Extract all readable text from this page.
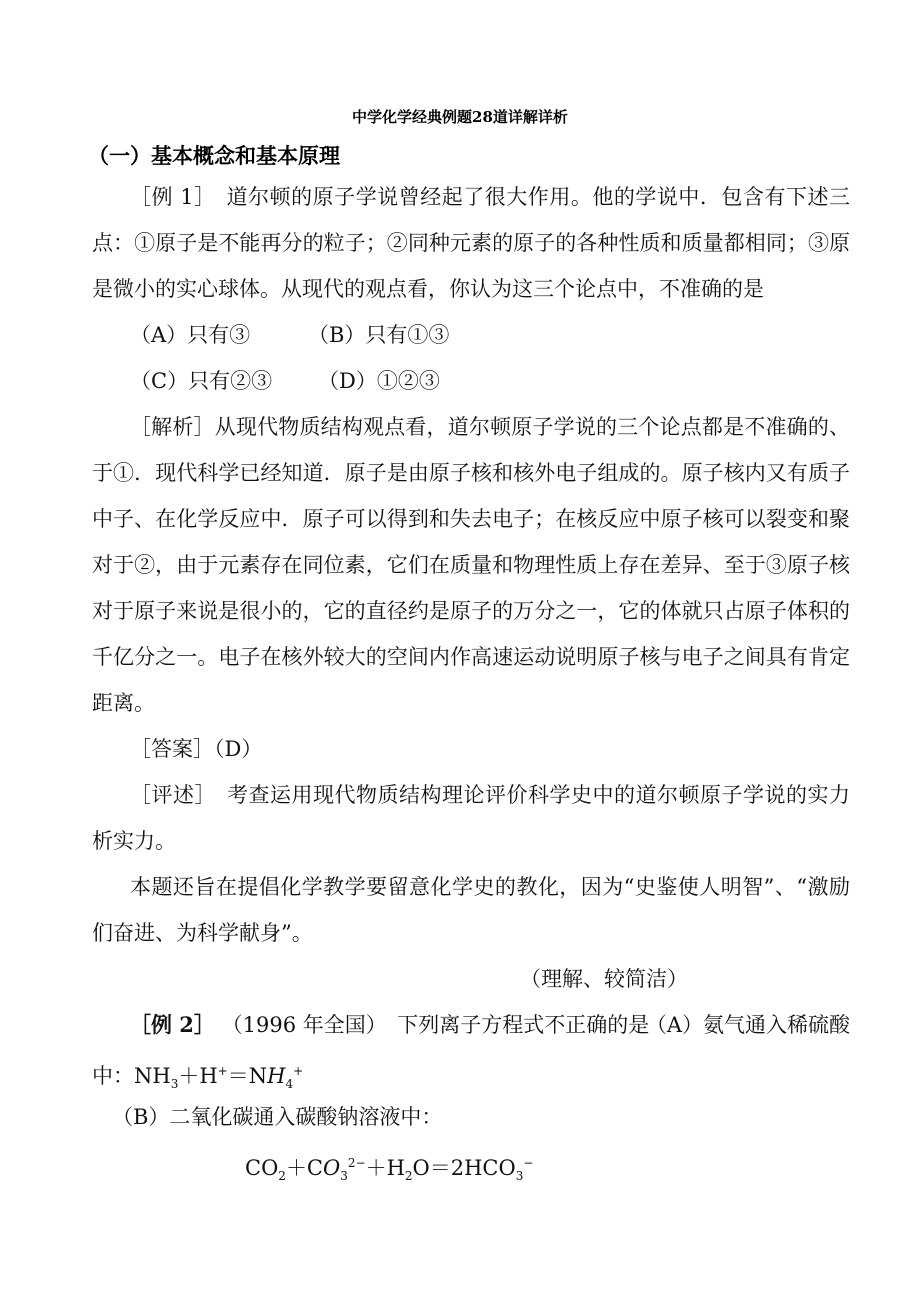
中学化学经典例题28道详解详析
（一）基本概念和基本原理
［例 1］　道尔顿的原子学说曾经起了很大作用。他的学说中．包含有下述三
点：①原子是不能再分的粒子；②同种元素的原子的各种性质和质量都相同；③原
是微小的实心球体。从现代的观点看，你认为这三个论点中，不准确的是
（A）只有③	（B）只有①③
（C）只有②③ （D）①②③
［解析］从现代物质结构观点看，道尔顿原子学说的三个论点都是不准确的、
于①．现代科学已经知道．原子是由原子核和核外电子组成的。原子核内又有质子
中子、在化学反应中．原子可以得到和失去电子；在核反应中原子核可以裂变和聚
对于②，由于元素存在同位素，它们在质量和物理性质上存在差异、至于③原子核
对于原子来说是很小的，它的直径约是原子的万分之一，它的体就只占原子体积的
千亿分之一。电子在核外较大的空间内作高速运动说明原子核与电子之间具有肯定
距离。
［答案］（D）
［评述］　考查运用现代物质结构理论评价科学史中的道尔顿原子学说的实力
析实力。
本题还旨在提倡化学教学要留意化学史的教化，因为“史鉴使人明智”、“激励
们奋进、为科学献身”。
（理解、较简洁）
［例 2］ （1996 年全国）　下列离子方程式不正确的是
（A）氨气通入稀硫酸
中：$NH_3+H^+=NH_4^+$
（B）二氧化碳通入碳酸钠溶液中：
$CO_2+CO_3^{2-}+H_2O=2HCO_3^-$
